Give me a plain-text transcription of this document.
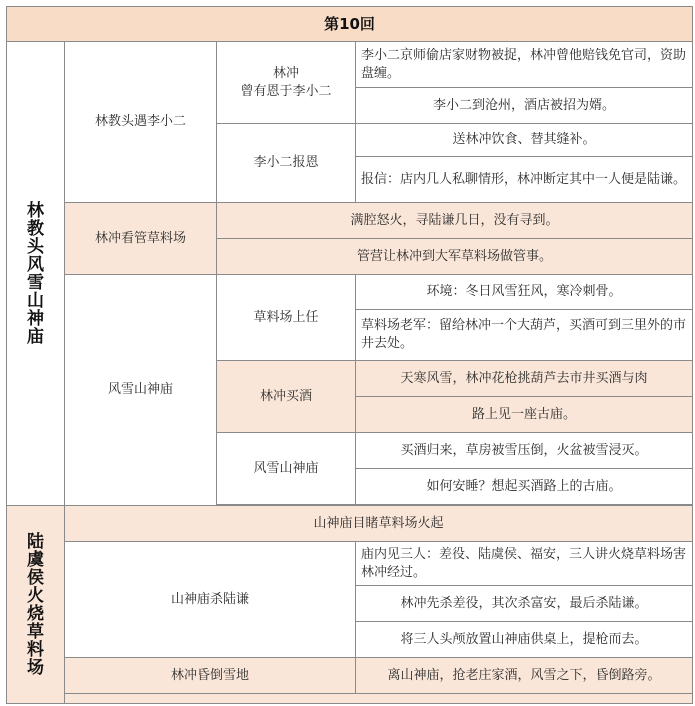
第10回			
林教头风雪山神庙	林教头遇李小二	林冲
曾有恩于李小二	李小二京师偷店家财物被捉，林冲曾他赔钱免官司，资助盘缠。
			李小二到沧州，酒店被招为婿。
		李小二报恩	送林冲饮食、替其缝补。
			报信：店内几人私聊情形，林冲断定其中一人便是陆谦。
	林冲看管草料场	满腔怒火，寻陆谦几日，没有寻到。	
		管营让林冲到大军草料场做管事。	
	风雪山神庙	草料场上任	环境：冬日风雪狂风，寒冷刺骨。
			草料场老军：留给林冲一个大葫芦，买酒可到三里外的市井去处。
		林冲买酒	天寒风雪，林冲花枪挑葫芦去市井买酒与肉
			路上见一座古庙。
		风雪山神庙	买酒归来，草房被雪压倒，火盆被雪浸灭。
			如何安睡？想起买酒路上的古庙。

陆虞侯火烧草料场	山神庙目睹草料场火起		
	山神庙杀陆谦		庙内见三人：差役、陆虞侯、福安，三人讲火烧草料场害林冲经过。
			林冲先杀差役，其次杀富安，最后杀陆谦。
			将三人头颅放置山神庙供桌上，提枪而去。
	林冲昏倒雪地		离山神庙，抢老庄家酒，风雪之下，昏倒路旁。
